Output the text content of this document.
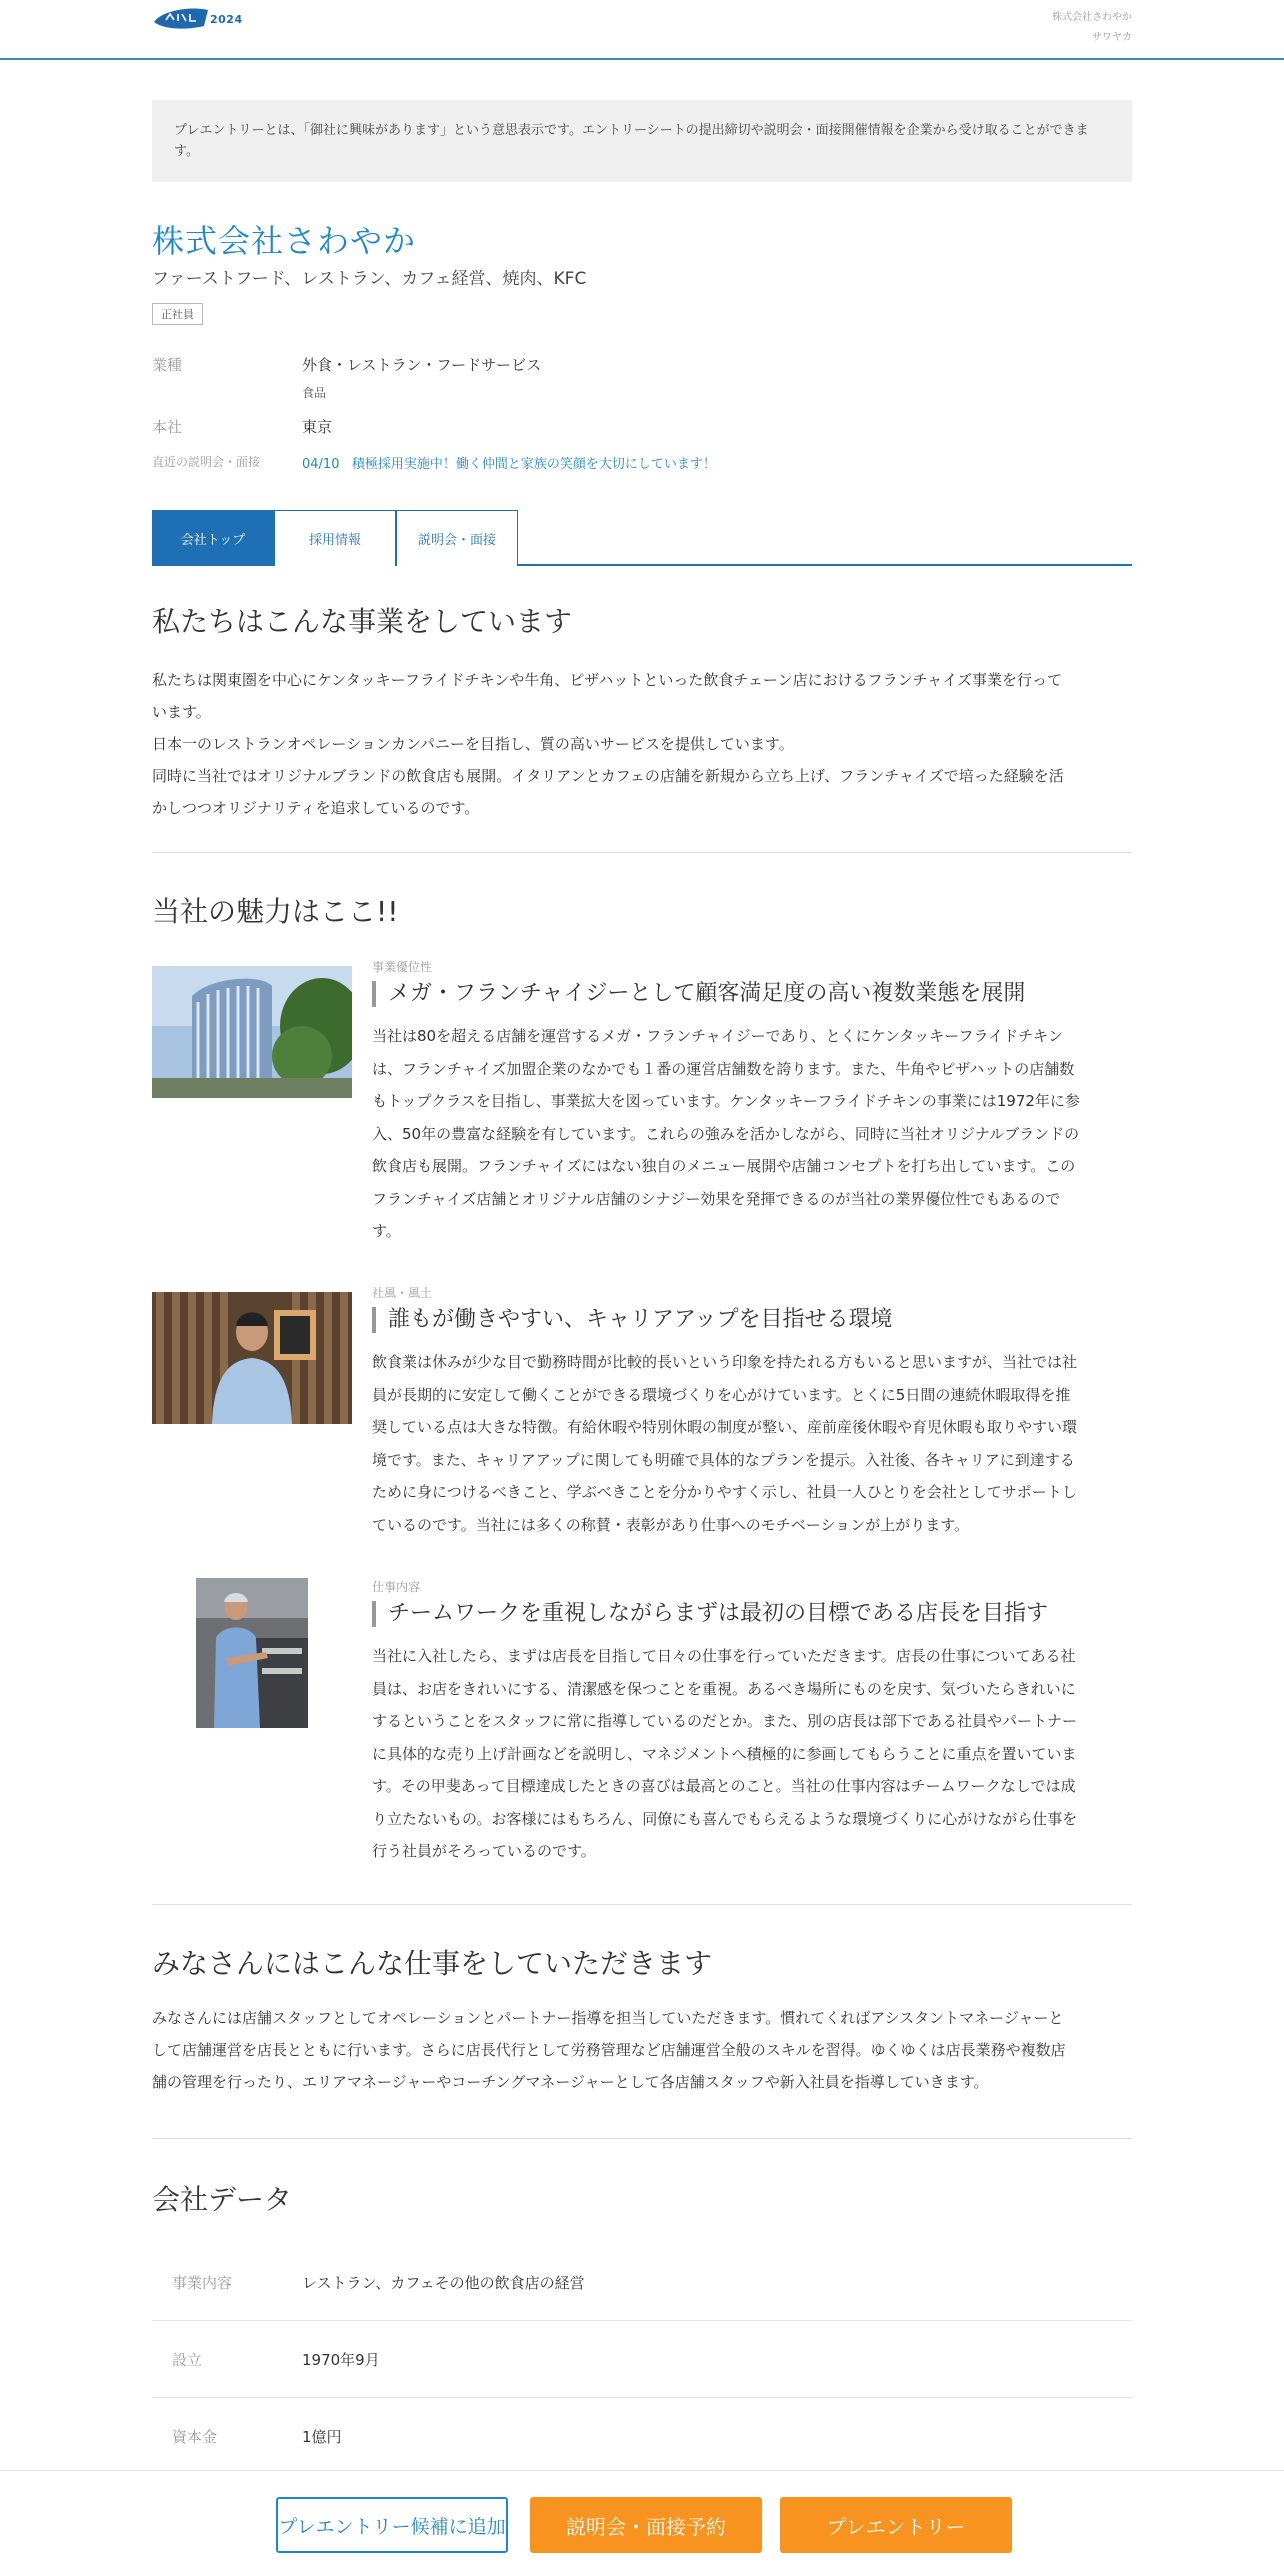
2024	株式会社さわやか
サワヤカ
プレエントリーとは、「御社に興味があります」という意思表示です。エントリーシートの提出締切や説明会・面接開催情報を企業から受け取ることができます。
株式会社さわやか
ファーストフード、レストラン、カフェ経営、焼肉、KFC
正社員
業種	外食・レストラン・フードサービス
食品
本社	東京
直近の説明会・面接	04/10 積極採用実施中！働く仲間と家族の笑顔を大切にしています！
会社トップ	採用情報	説明会・面接
私たちはこんな事業をしています
私たちは関東圏を中心にケンタッキーフライドチキンや牛角、ピザハットといった飲食チェーン店におけるフランチャイズ事業を行って
います。
日本一のレストランオペレーションカンパニーを目指し、質の高いサービスを提供しています。
同時に当社ではオリジナルブランドの飲食店も展開。イタリアンとカフェの店舗を新規から立ち上げ、フランチャイズで培った経験を活
かしつつオリジナリティを追求しているのです。
当社の魅力はここ!!
事業優位性
メガ・フランチャイジーとして顧客満足度の高い複数業態を展開
当社は80を超える店舗を運営するメガ・フランチャイジーであり、とくにケンタッキーフライドチキン
は、フランチャイズ加盟企業のなかでも１番の運営店舗数を誇ります。また、牛角やピザハットの店舗数
もトップクラスを目指し、事業拡大を図っています。ケンタッキーフライドチキンの事業には1972年に参
入、50年の豊富な経験を有しています。これらの強みを活かしながら、同時に当社オリジナルブランドの
飲食店も展開。フランチャイズにはない独自のメニュー展開や店舗コンセプトを打ち出しています。この
フランチャイズ店舗とオリジナル店舗のシナジー効果を発揮できるのが当社の業界優位性でもあるので
す。
社風・風土
誰もが働きやすい、キャリアアップを目指せる環境
飲食業は休みが少な目で勤務時間が比較的長いという印象を持たれる方もいると思いますが、当社では社
員が長期的に安定して働くことができる環境づくりを心がけています。とくに5日間の連続休暇取得を推
奨している点は大きな特徴。有給休暇や特別休暇の制度が整い、産前産後休暇や育児休暇も取りやすい環
境です。また、キャリアアップに関しても明確で具体的なプランを提示。入社後、各キャリアに到達する
ために身につけるべきこと、学ぶべきことを分かりやすく示し、社員一人ひとりを会社としてサポートし
ているのです。当社には多くの称賛・表彰があり仕事へのモチベーションが上がります。
仕事内容
チームワークを重視しながらまずは最初の目標である店長を目指す
当社に入社したら、まずは店長を目指して日々の仕事を行っていただきます。店長の仕事についてある社
員は、お店をきれいにする、清潔感を保つことを重視。あるべき場所にものを戻す、気づいたらきれいに
するということをスタッフに常に指導しているのだとか。また、別の店長は部下である社員やパートナー
に具体的な売り上げ計画などを説明し、マネジメントへ積極的に参画してもらうことに重点を置いていま
す。その甲斐あって目標達成したときの喜びは最高とのこと。当社の仕事内容はチームワークなしでは成
り立たないもの。お客様にはもちろん、同僚にも喜んでもらえるような環境づくりに心がけながら仕事を
行う社員がそろっているのです。
みなさんにはこんな仕事をしていただきます
みなさんには店舗スタッフとしてオペレーションとパートナー指導を担当していただきます。慣れてくればアシスタントマネージャーと
して店舗運営を店長とともに行います。さらに店長代行として労務管理など店舗運営全般のスキルを習得。ゆくゆくは店長業務や複数店
舗の管理を行ったり、エリアマネージャーやコーチングマネージャーとして各店舗スタッフや新入社員を指導していきます。
会社データ
事業内容	レストラン、カフェその他の飲食店の経営
設立	1970年9月
資本金	1億円
プレエントリー候補に追加	説明会・面接予約	プレエントリー
